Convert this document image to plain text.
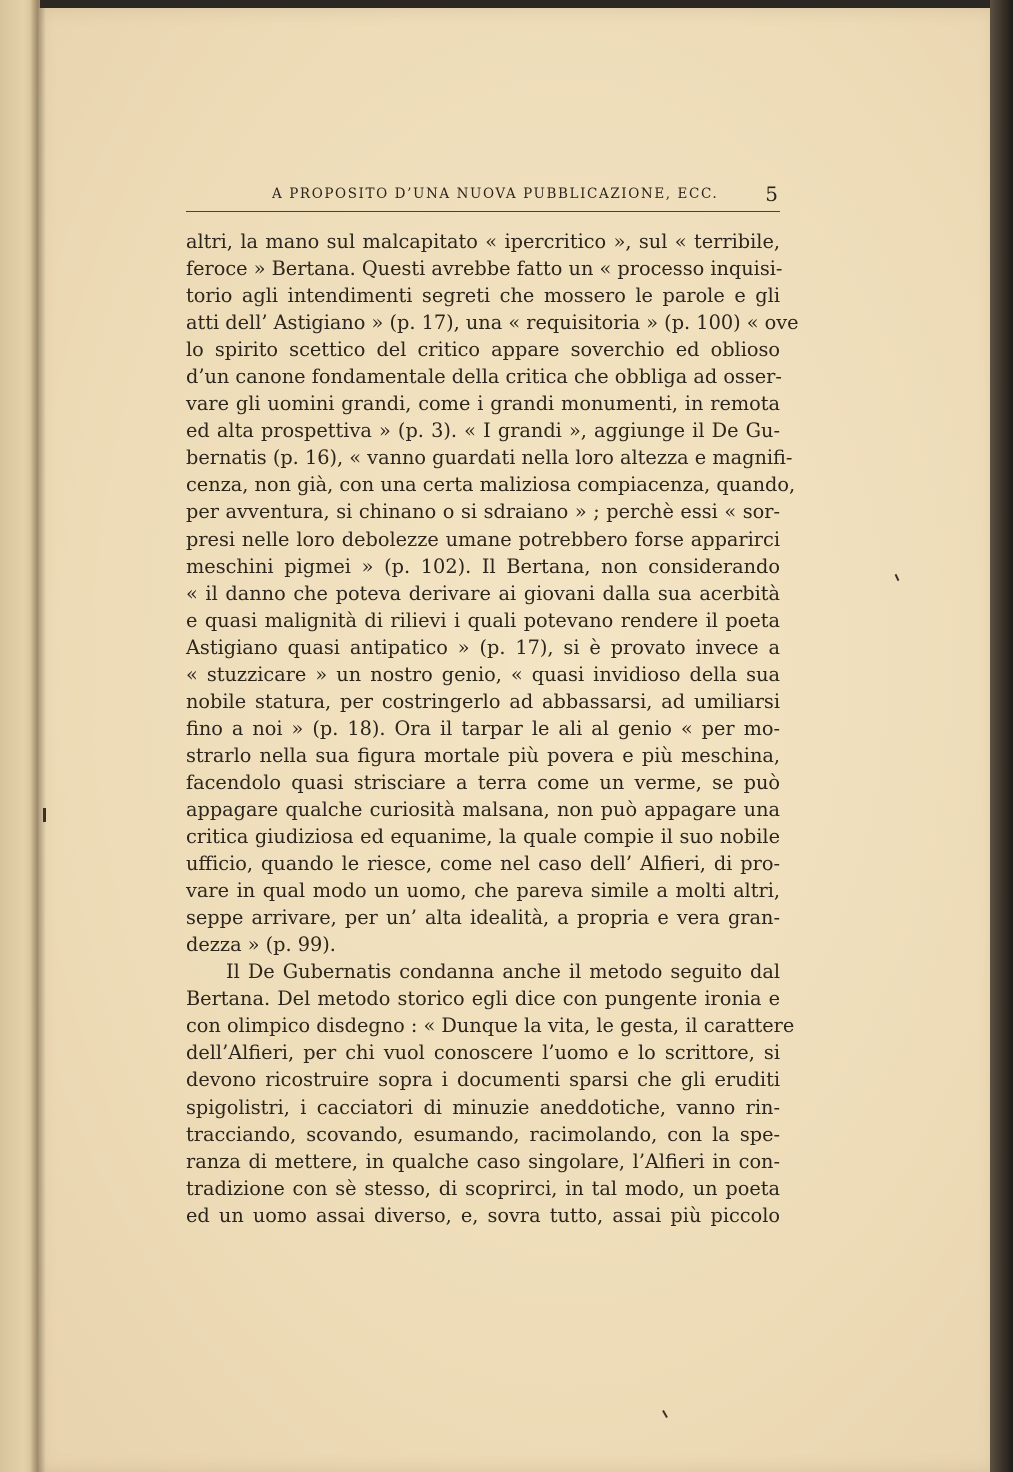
A PROPOSITO D’UNA NUOVA PUBBLICAZIONE, ECC. 5
altri, la mano sul malcapitato « ipercritico », sul « terribile,
feroce » Bertana. Questi avrebbe fatto un « processo inquisi-
torio agli intendimenti segreti che mossero le parole e gli
atti dell’ Astigiano » (p. 17), una « requisitoria » (p. 100) « ove
lo spirito scettico del critico appare soverchio ed oblioso
d’un canone fondamentale della critica che obbliga ad osser-
vare gli uomini grandi, come i grandi monumenti, in remota
ed alta prospettiva » (p. 3). « I grandi », aggiunge il De Gu-
bernatis (p. 16), « vanno guardati nella loro altezza e magnifi-
cenza, non già, con una certa maliziosa compiacenza, quando,
per avventura, si chinano o si sdraiano » ; perchè essi « sor-
presi nelle loro debolezze umane potrebbero forse apparirci
meschini pigmei » (p. 102). Il Bertana, non considerando
« il danno che poteva derivare ai giovani dalla sua acerbità
e quasi malignità di rilievi i quali potevano rendere il poeta
Astigiano quasi antipatico » (p. 17), si è provato invece a
« stuzzicare » un nostro genio, « quasi invidioso della sua
nobile statura, per costringerlo ad abbassarsi, ad umiliarsi
fino a noi » (p. 18). Ora il tarpar le ali al genio « per mo-
strarlo nella sua figura mortale più povera e più meschina,
facendolo quasi strisciare a terra come un verme, se può
appagare qualche curiosità malsana, non può appagare una
critica giudiziosa ed equanime, la quale compie il suo nobile
ufficio, quando le riesce, come nel caso dell’ Alfieri, di pro-
vare in qual modo un uomo, che pareva simile a molti altri,
seppe arrivare, per un’ alta idealità, a propria e vera gran-
dezza » (p. 99).
Il De Gubernatis condanna anche il metodo seguito dal
Bertana. Del metodo storico egli dice con pungente ironia e
con olimpico disdegno : « Dunque la vita, le gesta, il carattere
dell’Alfieri, per chi vuol conoscere l’uomo e lo scrittore, si
devono ricostruire sopra i documenti sparsi che gli eruditi
spigolistri, i cacciatori di minuzie aneddotiche, vanno rin-
tracciando, scovando, esumando, racimolando, con la spe-
ranza di mettere, in qualche caso singolare, l’Alfieri in con-
tradizione con sè stesso, di scoprirci, in tal modo, un poeta
ed un uomo assai diverso, e, sovra tutto, assai più piccolo
